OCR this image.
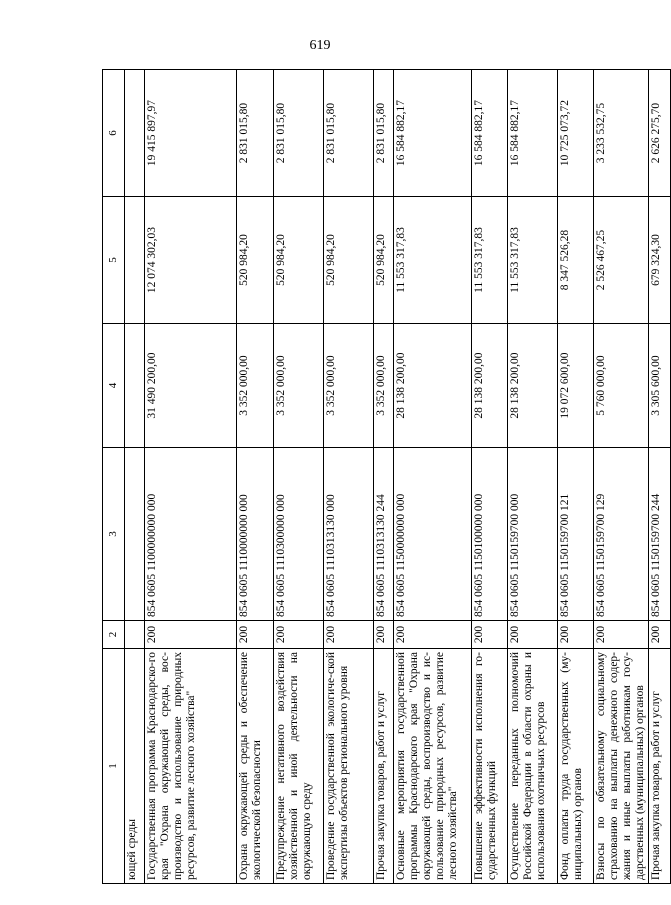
619
1	2	3	4	5	6
ющей среды					
Государственная программа Краснодарско-го края "Охрана окружающей среды, вос-производство и использование природных ресурсов, развитие лесного хозяйства"	200	854 0605 1100000000 000	31 490 200,00	12 074 302,03	19 415 897,97
Охрана окружающей среды и обеспечение экологической безопасности	200	854 0605 1110000000 000	3 352 000,00	520 984,20	2 831 015,80
Предупреждение негативного воздействия хозяйственной и иной деятельности на окружающую среду	200	854 0605 1110300000 000	3 352 000,00	520 984,20	2 831 015,80
Проведение государственной экологиче-ской экспертизы объектов регионального уровня	200	854 0605 1110313130 000	3 352 000,00	520 984,20	2 831 015,80
Прочая закупка товаров, работ и услуг	200	854 0605 1110313130 244	3 352 000,00	520 984,20	2 831 015,80
Основные мероприятия государственной программы Краснодарского края "Охрана окружающей среды, воспроизводство и ис-пользование природных ресурсов, развитие лесного хозяйства"	200	854 0605 1150000000 000	28 138 200,00	11 553 317,83	16 584 882,17
Повышение эффективности исполнения го-сударственных функций	200	854 0605 1150100000 000	28 138 200,00	11 553 317,83	16 584 882,17
Осуществление переданных полномочий Российской Федерации в области охраны и использования охотничьих ресурсов	200	854 0605 1150159700 000	28 138 200,00	11 553 317,83	16 584 882,17
Фонд оплаты труда государственных (му-ниципальных) органов	200	854 0605 1150159700 121	19 072 600,00	8 347 526,28	10 725 073,72
Взносы по обязательному социальному страхованию на выплаты денежного содер-жания и иные выплаты работникам госу-дарственных (муниципальных) органов	200	854 0605 1150159700 129	5 760 000,00	2 526 467,25	3 233 532,75
Прочая закупка товаров, работ и услуг	200	854 0605 1150159700 244	3 305 600,00	679 324,30	2 626 275,70
